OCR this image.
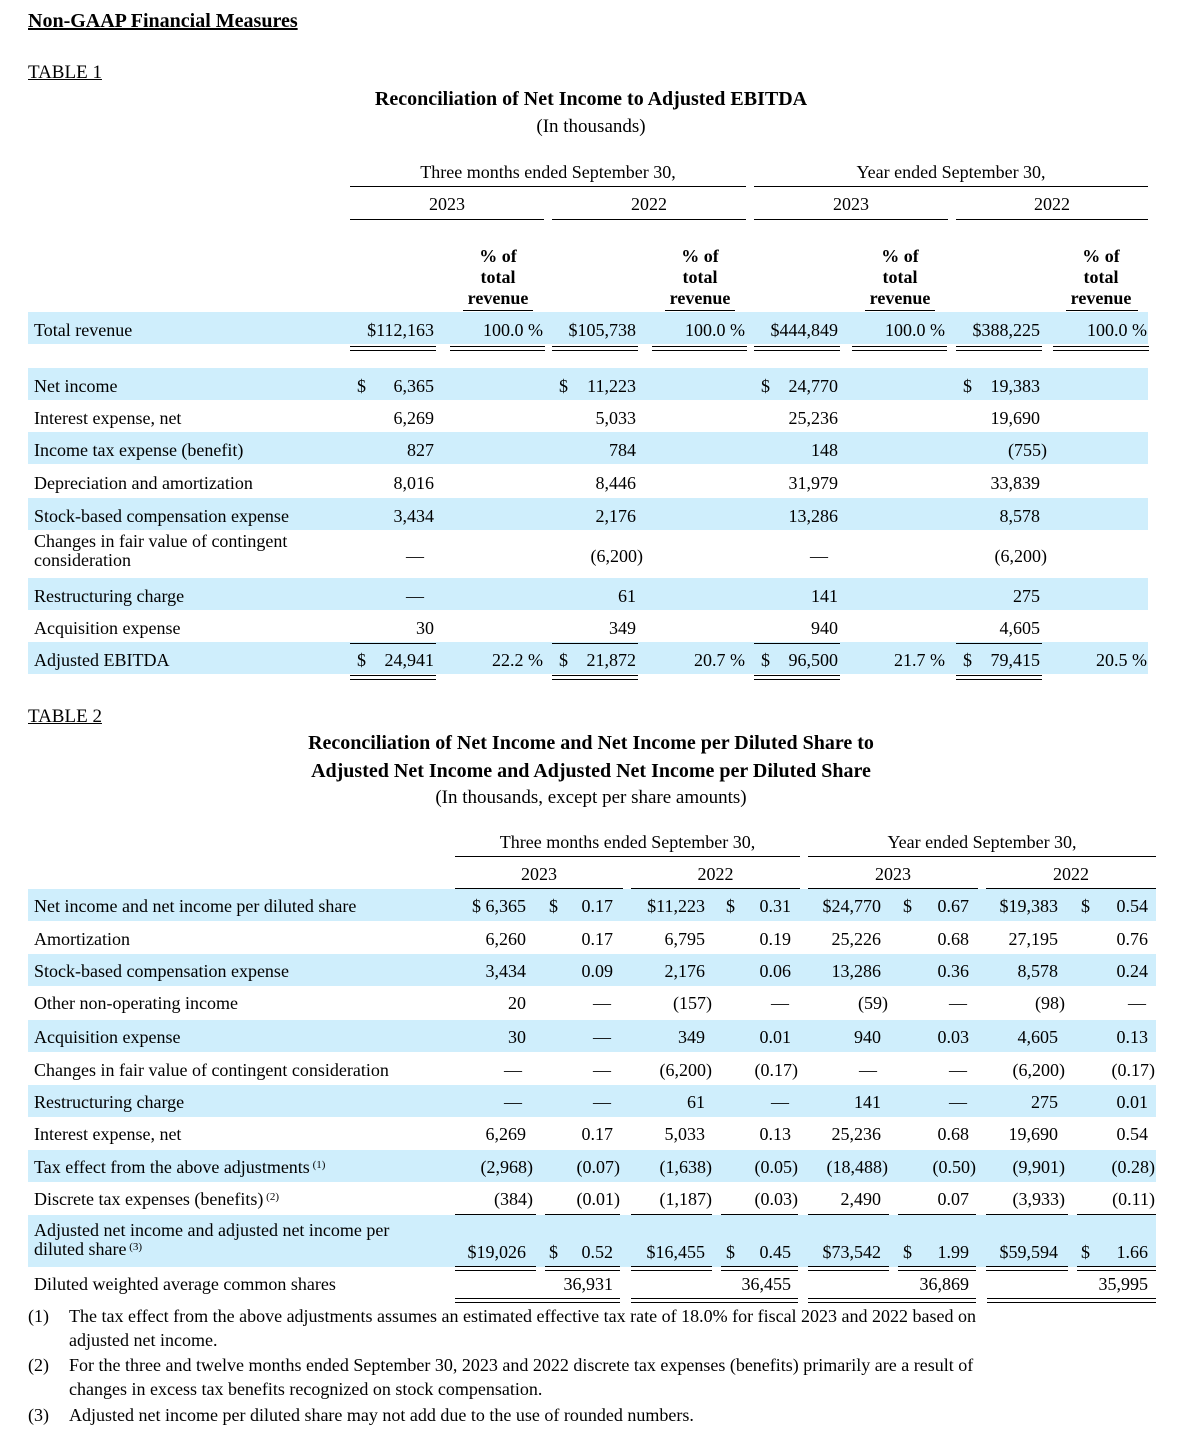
Non-GAAP Financial Measures
TABLE 1
Reconciliation of Net Income to Adjusted EBITDA
(In thousands)
Three months ended September 30,	Year ended September 30,
2023	2022	2023	2022
% of
total
revenue
% of
total
revenue
% of
total
revenue
% of
total
revenue
Total revenue	$112,163	100.0 %	$105,738	100.0 %	$444,849	100.0 %	$388,225	100.0 %
Net income	$	6,365	$	11,223	$	24,770	$	19,383
Interest expense, net	6,269	5,033	25,236	19,690
Income tax expense (benefit)	827	784	148	(755)
Depreciation and amortization	8,016	8,446	31,979	33,839
Stock-based compensation expense	3,434	2,176	13,286	8,578
Changes in fair value of contingent
consideration	—	(6,200)	—	(6,200)
Restructuring charge	—	61	141	275
Acquisition expense	30	349	940	4,605
Adjusted EBITDA	$	24,941	22.2 % $	21,872	20.7 % $	96,500	21.7 % $	79,415	20.5 %
TABLE 2
Reconciliation of Net Income and Net Income per Diluted Share to
Adjusted Net Income and Adjusted Net Income per Diluted Share
(In thousands, except per share amounts)
Three months ended September 30,	Year ended September 30,
2023	2022	2023	2022
Net income and net income per diluted share	$ 6,365 $	0.17	$11,223 $	0.31	$24,770 $	0.67	$19,383 $	0.54
Amortization	6,260	0.17	6,795	0.19	25,226	0.68	27,195	0.76
Stock-based compensation expense	3,434	0.09	2,176	0.06	13,286	0.36	8,578	0.24
Other non-operating income	20	—	(157)	—	(59)	—	(98)	—
Acquisition expense	30	—	349	0.01	940	0.03	4,605	0.13
Changes in fair value of contingent consideration	—	—	(6,200)	(0.17)	—	—	(6,200)	(0.17)
Restructuring charge	—	—	61	—	141	—	275	0.01
Interest expense, net	6,269	0.17	5,033	0.13	25,236	0.68	19,690	0.54
Tax effect from the above adjustments $^{(1)}$	(2,968)	(0.07)	(1,638)	(0.05)	(18,488)	(0.50)	(9,901)	(0.28)
Discrete tax expenses (benefits) $^{(2)}$	(384)	(0.01)	(1,187)	(0.03)	2,490	0.07	(3,933)	(0.11)
Adjusted net income and adjusted net income per
diluted share $^{(3)}$	$19,026 $	0.52	$16,455 $	0.45	$73,542 $	1.99	$59,594 $	1.66
Diluted weighted average common shares	36,931	36,455	36,869	35,995
(1) The tax effect from the above adjustments assumes an estimated effective tax rate of 18.0% for fiscal 2023 and 2022 based on
adjusted net income.
(2) For the three and twelve months ended September 30, 2023 and 2022 discrete tax expenses (benefits) primarily are a result of
changes in excess tax benefits recognized on stock compensation.
(3) Adjusted net income per diluted share may not add due to the use of rounded numbers.
